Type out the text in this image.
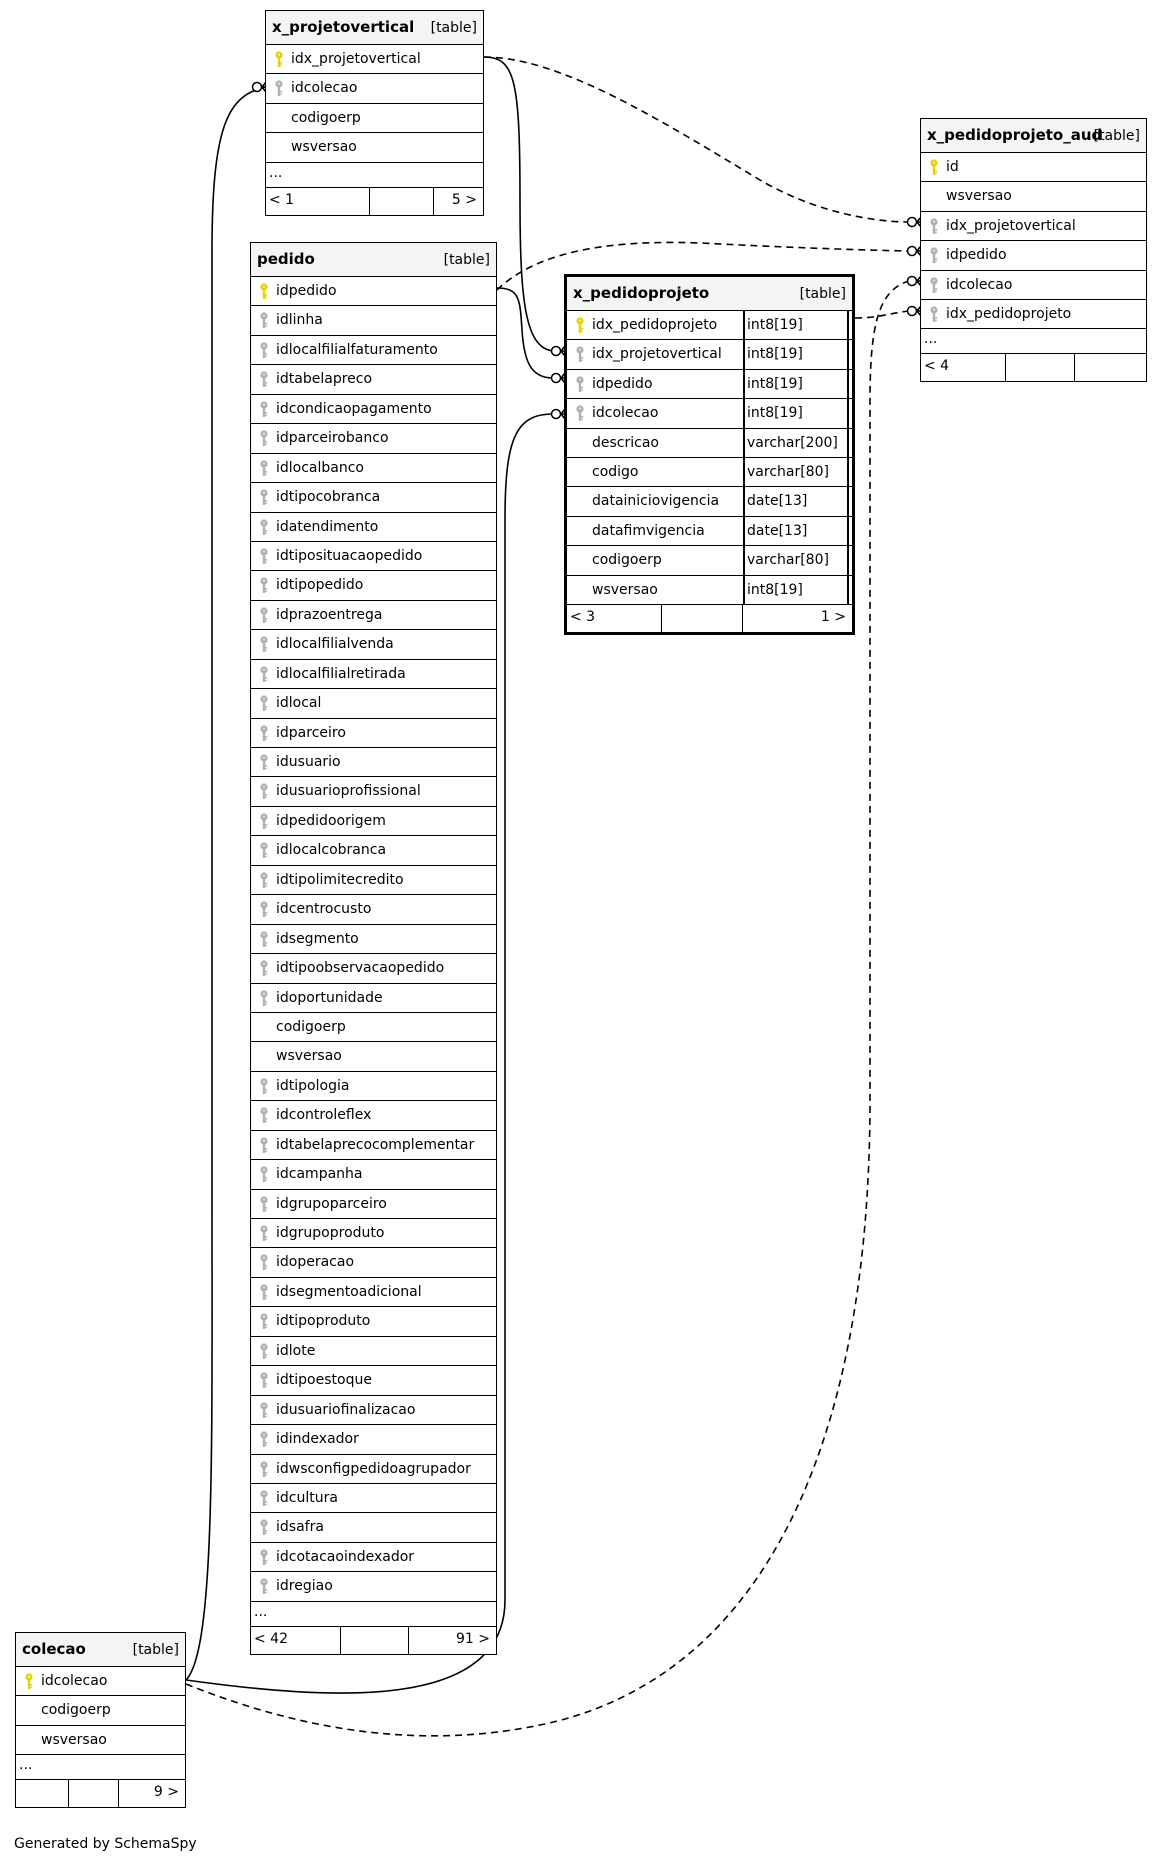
x_projetovertical [table]
idx_projetovertical
idcolecao
codigoerp
wsversao
...
< 1	5 >
pedido	[table]
idpedido
idlinha
idlocalfilialfaturamento
idtabelapreco
idcondicaopagamento
idparceirobanco
idlocalbanco
idtipocobranca
idatendimento
idtiposituacaopedido
idtipopedido
idprazoentrega
idlocalfilialvenda
idlocalfilialretirada
idlocal
idparceiro
idusuario
idusuarioprofissional
idpedidoorigem
idlocalcobranca
idtipolimitecredito
idcentrocusto
idsegmento
idtipoobservacaopedido
idoportunidade
codigoerp
wsversao
idtipologia
idcontroleflex
idtabelaprecocomplementar
idcampanha
idgrupoparceiro
idgrupoproduto
idoperacao
idsegmentoadicional
idtipoproduto
idlote
idtipoestoque
idusuariofinalizacao
idindexador
idwsconfigpedidoagrupador
idcultura
idsafra
idcotacaoindexador
idregiao
...
< 42	91 >
x_pedidoprojeto	[table]
idx_pedidoprojeto int8[19]
idx_projetovertical int8[19]
idpedido	int8[19]
idcolecao	int8[19]
descricao	varchar[200]
codigo	varchar[80]
datainiciovigencia date[13]
datafimvigencia	date[13]
codigoerp	varchar[80]
wsversao	int8[19]
< 3	1 >
x_pedidoprojeto_aud
[table]
id
wsversao
idx_projetovertical
idpedido
idcolecao
idx_pedidoprojeto
...
< 4
colecao	[table]
idcolecao
codigoerp
wsversao
...
9 >
Generated by SchemaSpy
